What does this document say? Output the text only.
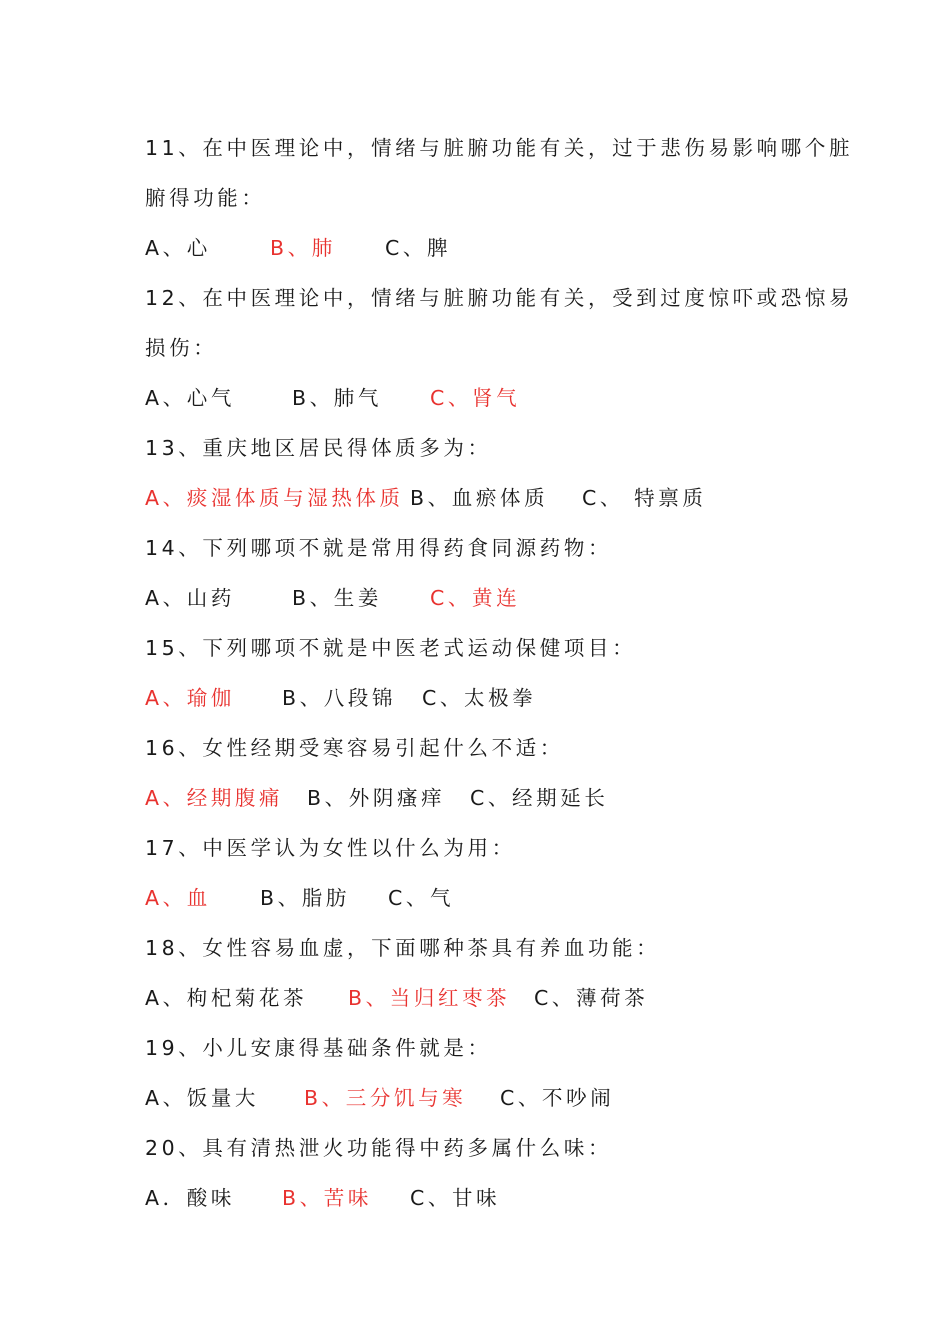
11、在中医理论中，情绪与脏腑功能有关，过于悲伤易影响哪个脏
腑得功能：
A、心	B、肺 C、脾
12、在中医理论中，情绪与脏腑功能有关，受到过度惊吓或恐惊易
损伤：
A、心气	B、肺气 C、肾气
13、重庆地区居民得体质多为：
A、痰湿体质与湿热体质 B、血瘀体质 C、 特禀质
14、下列哪项不就是常用得药食同源药物：
A、山药	B、生姜 C、黄连
15、下列哪项不就是中医老式运动保健项目：
A、瑜伽 B、八段锦 C、太极拳
16、女性经期受寒容易引起什么不适：
A、经期腹痛 B、外阴瘙痒 C、经期延长
17、中医学认为女性以什么为用：
A、血 B、脂肪 C、气
18、女性容易血虚，下面哪种茶具有养血功能：
A、枸杞菊花茶 B、当归红枣茶 C、薄荷茶
19、小儿安康得基础条件就是：
A、饭量大 B、三分饥与寒 C、不吵闹
20、具有清热泄火功能得中药多属什么味：
A．酸味 B、苦味 C、甘味
